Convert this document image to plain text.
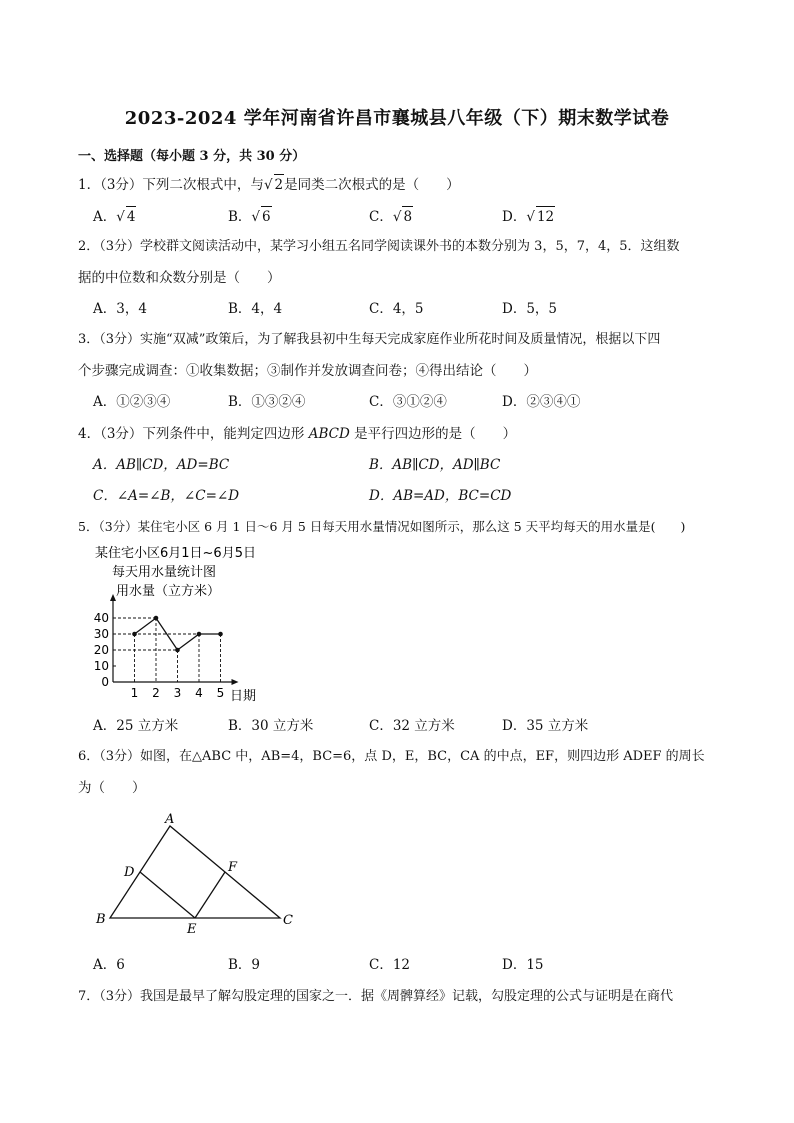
2023-2024 学年河南省许昌市襄城县八年级（下）期末数学试卷
一、选择题（每小题 3 分，共 30 分）
1．（3分）下列二次根式中，与√ 2是同类二次根式的是（　　）
A．√ 4	B．√ 6	C．√ 8	D．√ 12
2．（3分）学校群文阅读活动中，某学习小组五名同学阅读课外书的本数分别为 3，5，7，4，5．这组数
据的中位数和众数分别是（　　）
A．3，4	B．4，4	C．4，5	D．5，5
3．（3分）实施“双减”政策后，为了解我县初中生每天完成家庭作业所花时间及质量情况，根据以下四
个步骤完成调查：①收集数据；③制作并发放调查问卷；④得出结论（　　）
A．①②③④	B．①③②④	C．③①②④	D．②③④①
4．（3分）下列条件中，能判定四边形 ABCD 是平行四边形的是（　　）
A．AB∥CD，AD=BC	B．AB∥CD，AD∥BC
C．∠A=∠B，∠C=∠D	D．AB=AD，BC=CD
5．（3分）某住宅小区 6 月 1 日～6 月 5 日每天用水量情况如图所示，那么这 5 天平均每天的用水量是(　　)
某住宅小区6月1日~6月5日
每天用水量统计图
用水量（立方米）
日期
0
10
20
30
40
1 2 3 4 5
A．25 立方米	B．30 立方米	C．32 立方米	D．35 立方米
6．（3分）如图，在△ABC 中，AB=4，BC=6，点 D，E，BC，CA 的中点，EF，则四边形 ADEF 的周长
为（　　）
A
B	C
D
E
F
A．6	B．9	C．12	D．15
7．（3分）我国是最早了解勾股定理的国家之一．据《周髀算经》记载，勾股定理的公式与证明是在商代
